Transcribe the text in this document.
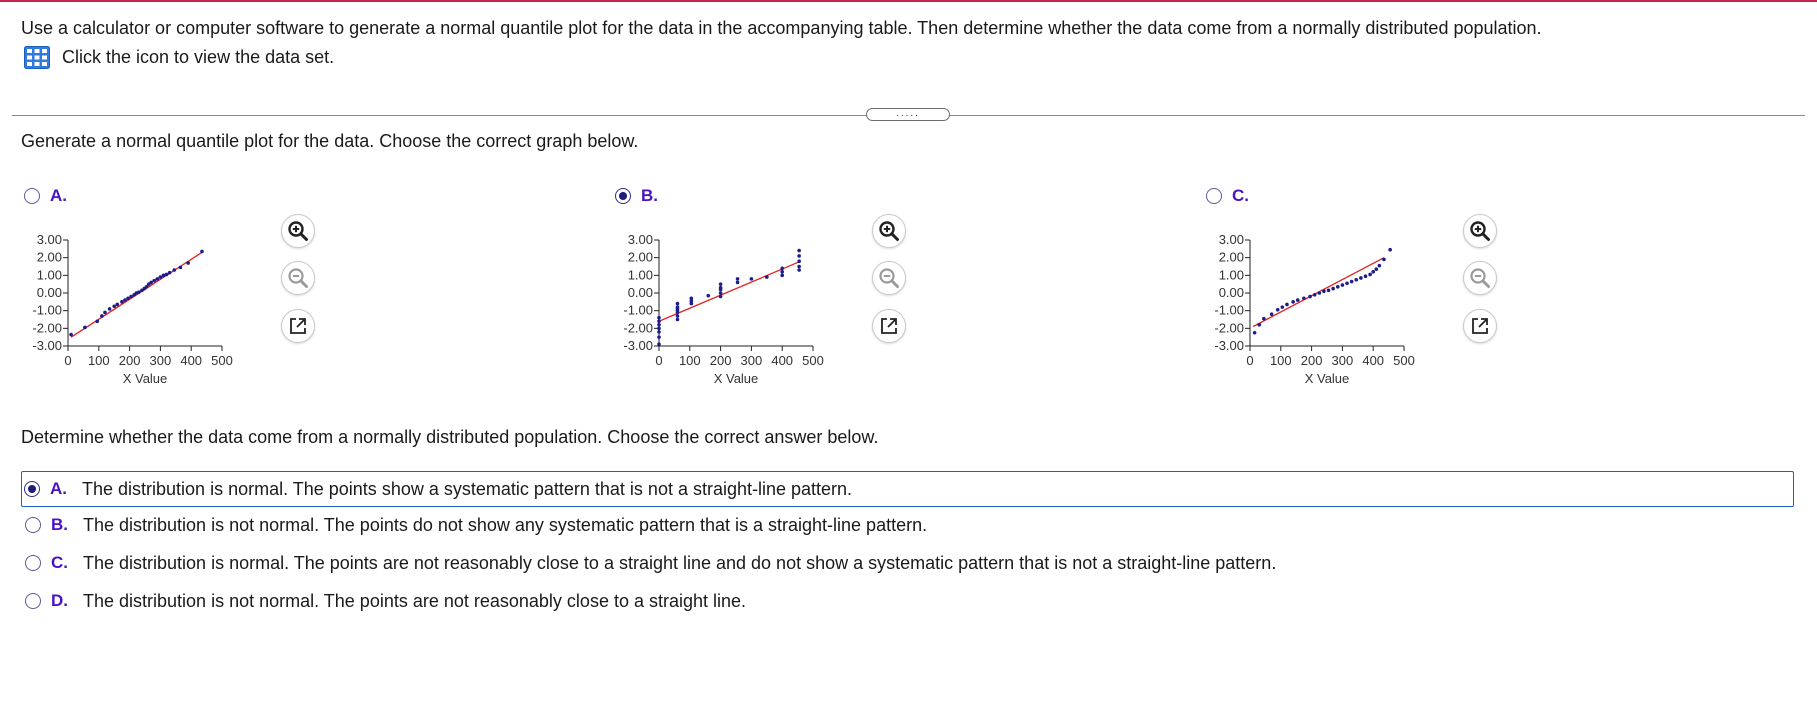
Use a calculator or computer software to generate a normal quantile plot for the data in the accompanying table. Then determine whether the data come from a normally distributed population.
Click the icon to view the data set.
.....
Generate a normal quantile plot for the data. Choose the correct graph below.
A.	B.	C.
3.00
2.00
1.00
0.00
-1.00
-2.00
-3.00
0 100 200 300 400 500
X Value
3.00
2.00
1.00
0.00
-1.00
-2.00
-3.00
0 100 200 300 400 500
X Value
3.00
2.00
1.00
0.00
-1.00
-2.00
-3.00
0 100 200 300 400 500
X Value
Determine whether the data come from a normally distributed population. Choose the correct answer below.
A. The distribution is normal. The points show a systematic pattern that is not a straight-line pattern.
B. The distribution is not normal. The points do not show any systematic pattern that is a straight-line pattern.
C. The distribution is normal. The points are not reasonably close to a straight line and do not show a systematic pattern that is not a straight-line pattern.
D. The distribution is not normal. The points are not reasonably close to a straight line.
